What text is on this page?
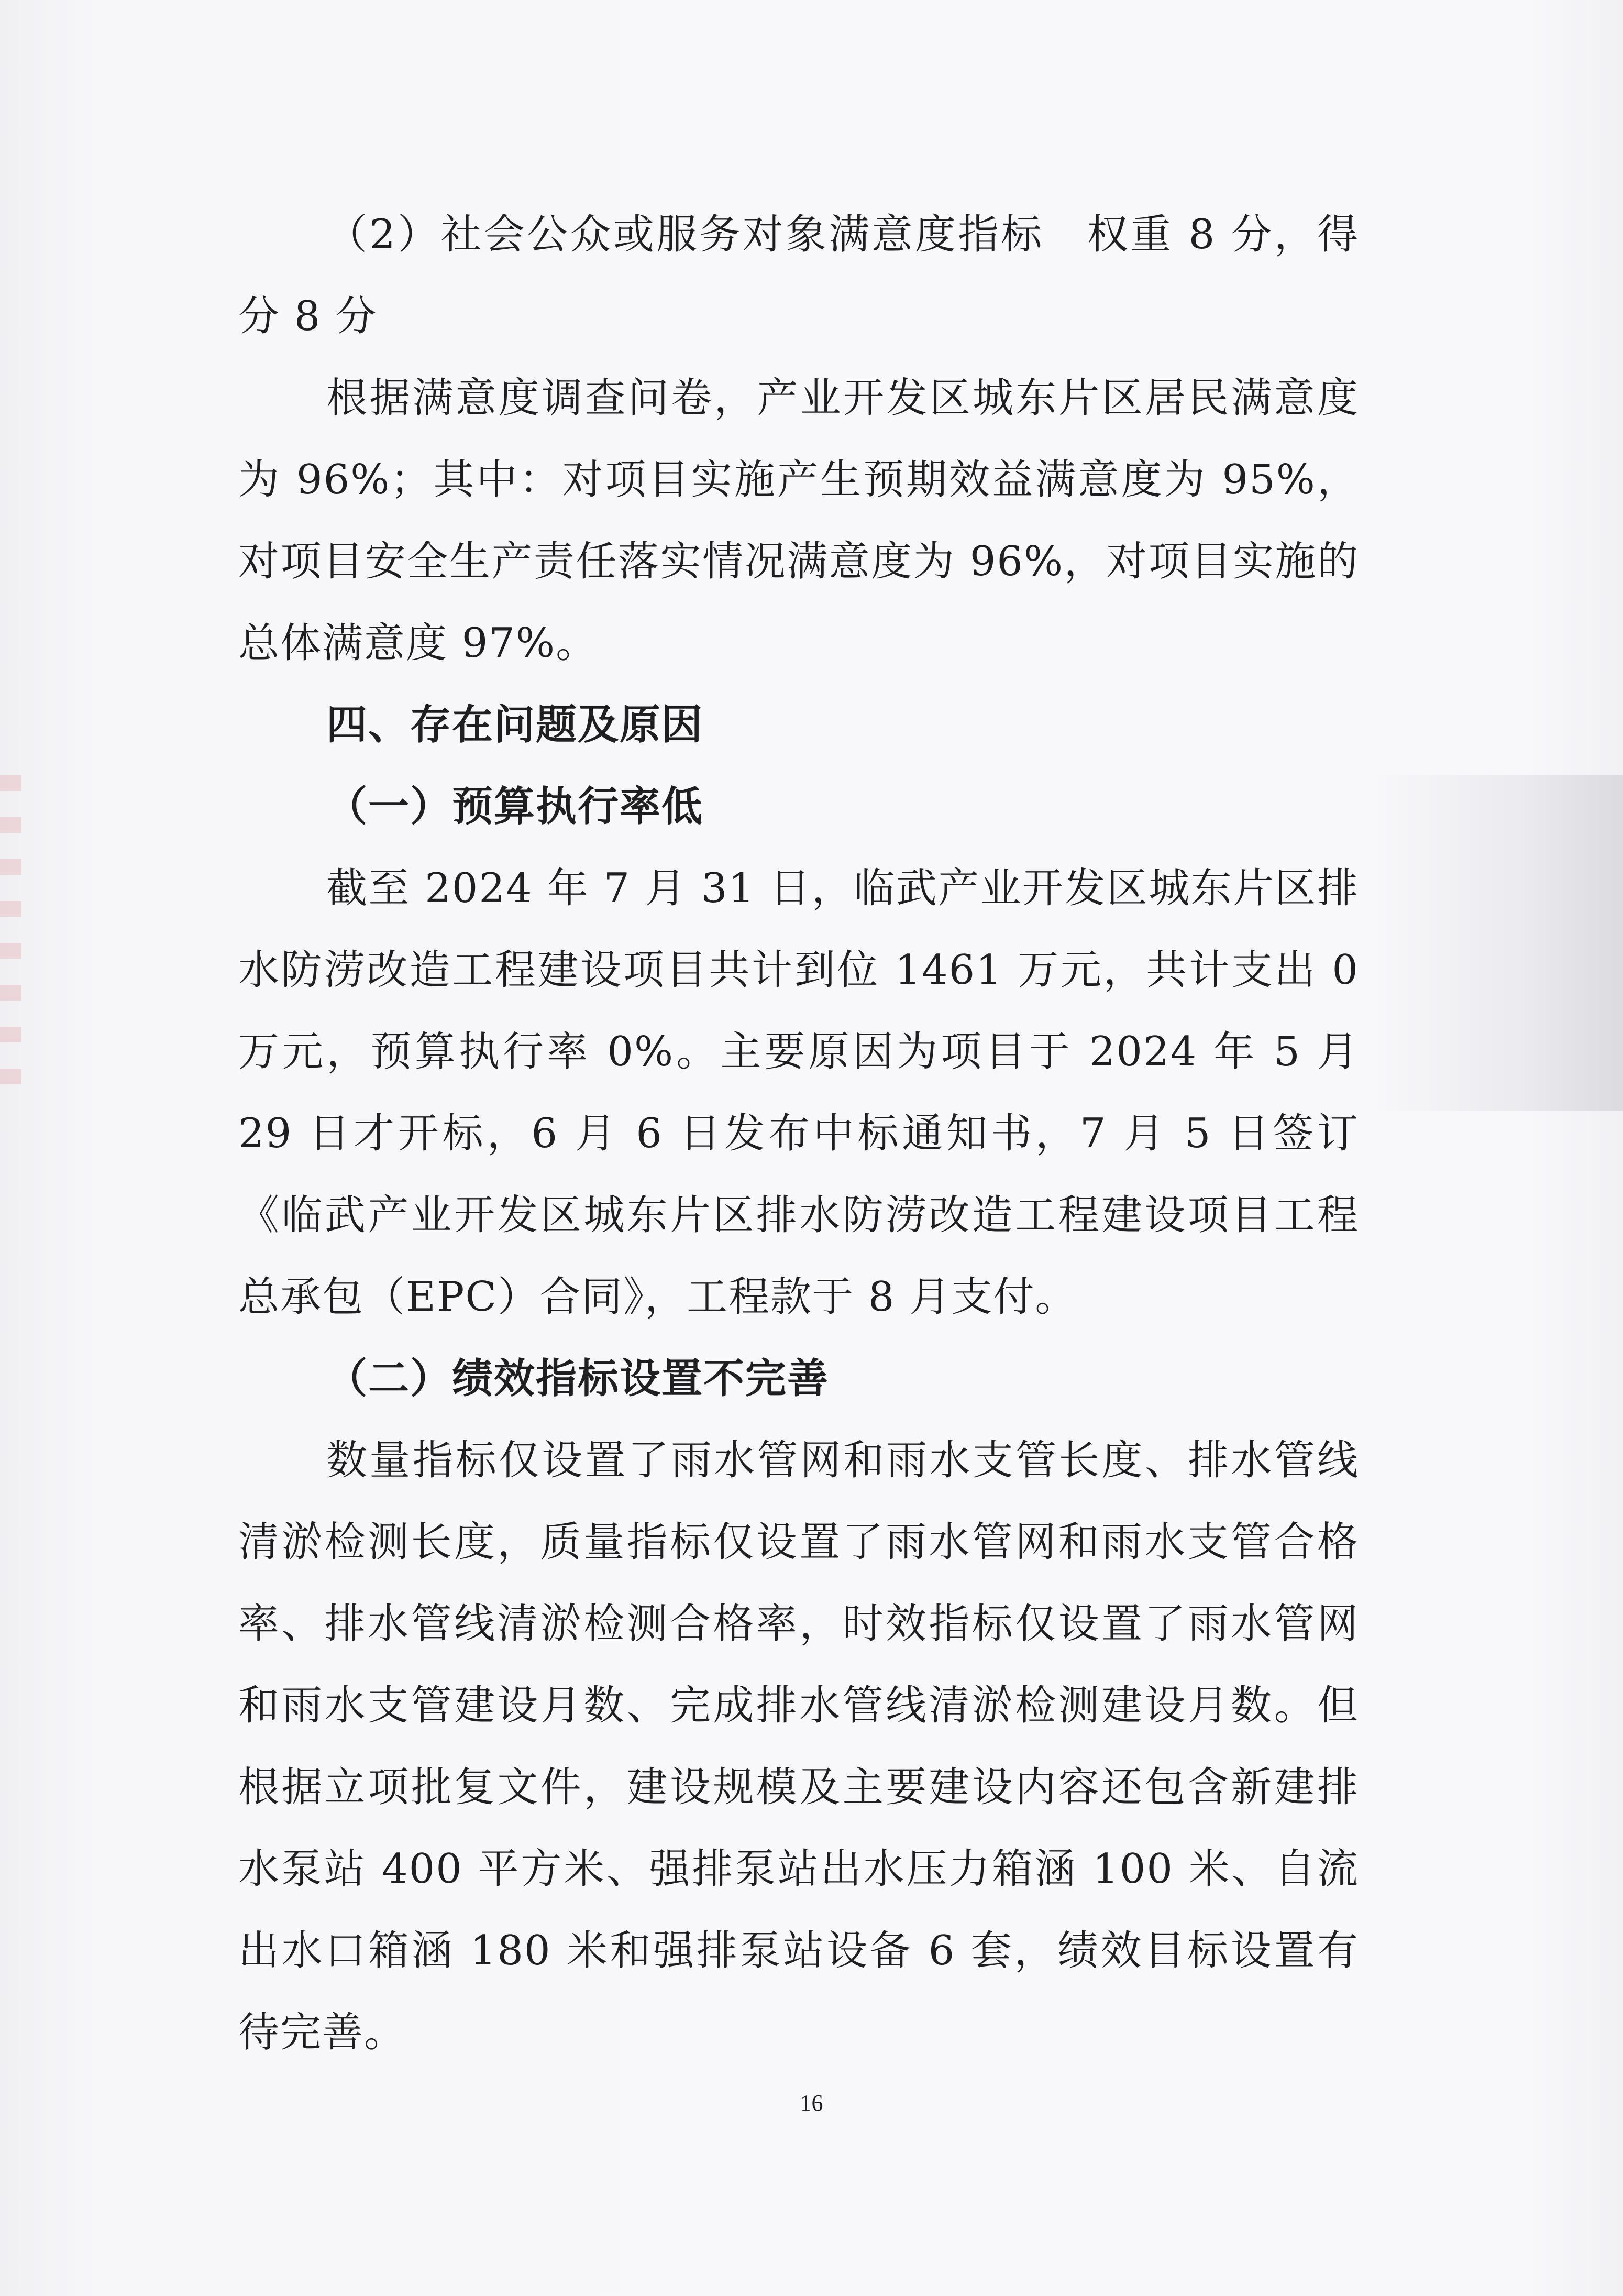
（2）社会公众或服务对象满意度指标　权重 8 分，得分 8 分

根据满意度调查问卷，产业开发区城东片区居民满意度为 96%；其中：对项目实施产生预期效益满意度为 95%，对项目安全生产责任落实情况满意度为 96%，对项目实施的总体满意度 97%。

四、存在问题及原因

（一）预算执行率低

截至 2024 年 7 月 31 日，临武产业开发区城东片区排水防涝改造工程建设项目共计到位 1461 万元，共计支出 0 万元，预算执行率 0%。主要原因为项目于 2024 年 5 月 29 日才开标，6 月 6 日发布中标通知书，7 月 5 日签订《临武产业开发区城东片区排水防涝改造工程建设项目工程总承包（EPC）合同》，工程款于 8 月支付。

（二）绩效指标设置不完善

数量指标仅设置了雨水管网和雨水支管长度、排水管线清淤检测长度，质量指标仅设置了雨水管网和雨水支管合格率、排水管线清淤检测合格率，时效指标仅设置了雨水管网和雨水支管建设月数、完成排水管线清淤检测建设月数。但根据立项批复文件，建设规模及主要建设内容还包含新建排水泵站 400 平方米、强排泵站出水压力箱涵 100 米、自流出水口箱涵 180 米和强排泵站设备 6 套，绩效目标设置有待完善。

16
